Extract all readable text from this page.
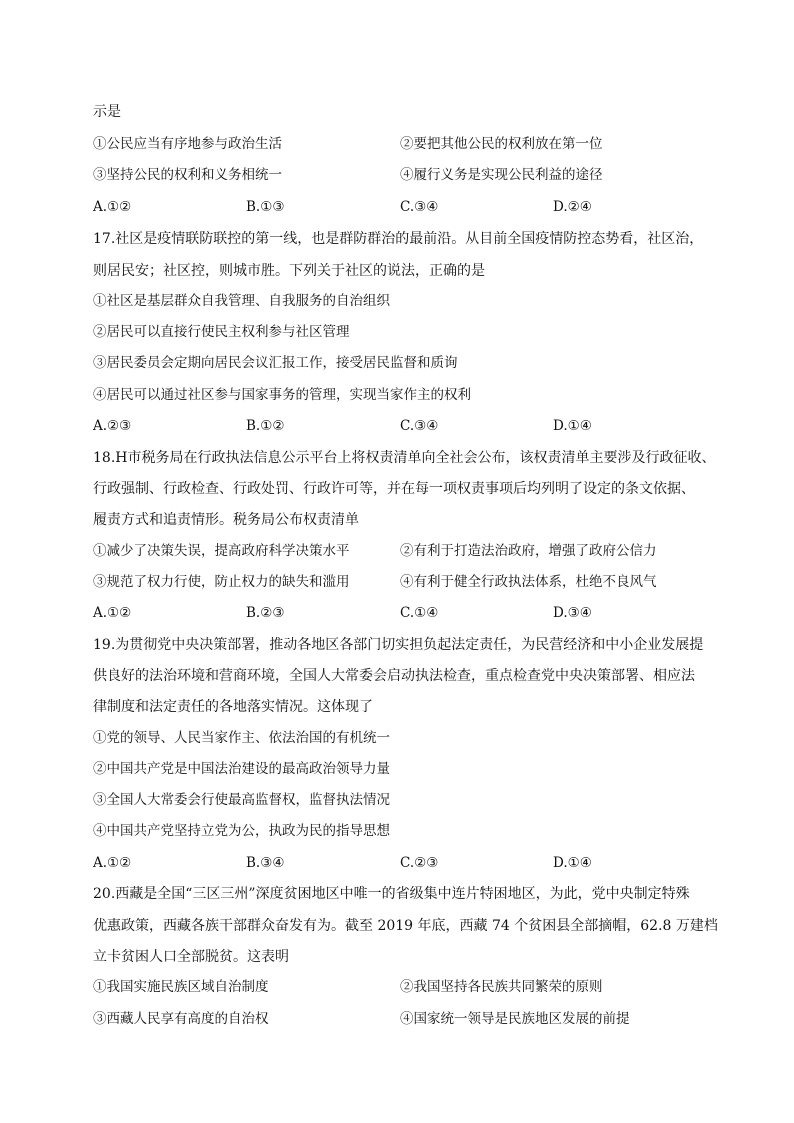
示是
①公民应当有序地参与政治生活	②要把其他公民的权利放在第一位
③坚持公民的权利和义务相统一	④履行义务是实现公民利益的途径
A.①②	B.①③	C.③④	D.②④
17.社区是疫情联防联控的第一线，也是群防群治的最前沿。从目前全国疫情防控态势看，社区治，
则居民安；社区控，则城市胜。下列关于社区的说法，正确的是
①社区是基层群众自我管理、自我服务的自治组织
②居民可以直接行使民主权利参与社区管理
③居民委员会定期向居民会议汇报工作，接受居民监督和质询
④居民可以通过社区参与国家事务的管理，实现当家作主的权利
A.②③	B.①②	C.③④	D.①④
18.H市税务局在行政执法信息公示平台上将权责清单向全社会公布，该权责清单主要涉及行政征收、
行政强制、行政检查、行政处罚、行政许可等，并在每一项权责事项后均列明了设定的条文依据、
履责方式和追责情形。税务局公布权责清单
①减少了决策失误，提高政府科学决策水平	②有利于打造法治政府，增强了政府公信力
③规范了权力行使，防止权力的缺失和滥用	④有利于健全行政执法体系，杜绝不良风气
A.①②	B.②③	C.①④	D.③④
19.为贯彻党中央决策部署，推动各地区各部门切实担负起法定责任，为民营经济和中小企业发展提
供良好的法治环境和营商环境，全国人大常委会启动执法检查，重点检查党中央决策部署、相应法
律制度和法定责任的各地落实情况。这体现了
①党的领导、人民当家作主、依法治国的有机统一
②中国共产党是中国法治建设的最高政治领导力量
③全国人大常委会行使最高监督权，监督执法情况
④中国共产党坚持立党为公，执政为民的指导思想
A.①②	B.③④	C.②③	D.①④
20.西藏是全国“三区三州”深度贫困地区中唯一的省级集中连片特困地区，为此，党中央制定特殊
优惠政策，西藏各族干部群众奋发有为。截至 2019 年底，西藏 74 个贫困县全部摘帽，62.8 万建档
立卡贫困人口全部脱贫。这表明
①我国实施民族区域自治制度	②我国坚持各民族共同繁荣的原则
③西藏人民享有高度的自治权	④国家统一领导是民族地区发展的前提
